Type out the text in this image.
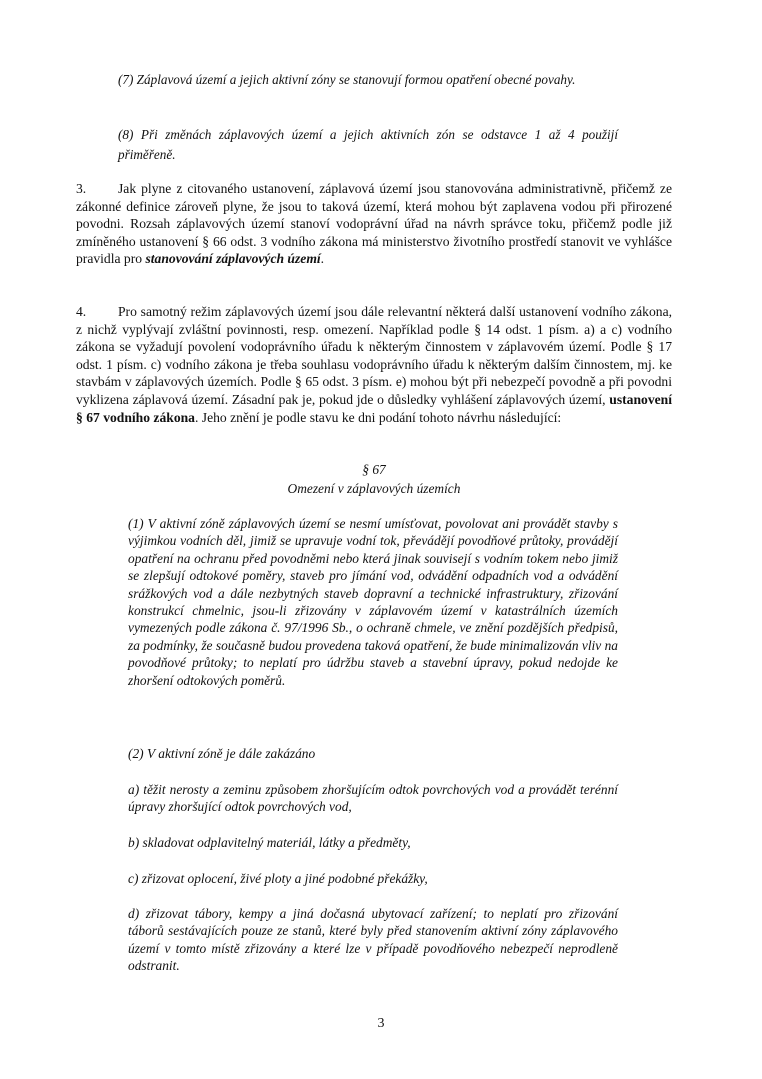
(7) Záplavová území a jejich aktivní zóny se stanovují formou opatření obecné povahy.

(8) Při změnách záplavových území a jejich aktivních zón se odstavce 1 až 4 použijí přiměřeně.

3. Jak plyne z citovaného ustanovení, záplavová území jsou stanovována administrativně, přičemž ze zákonné definice zároveň plyne, že jsou to taková území, která mohou být zaplavena vodou při přirozené povodni. Rozsah záplavových území stanoví vodoprávní úřad na návrh správce toku, přičemž podle již zmíněného ustanovení § 66 odst. 3 vodního zákona má ministerstvo životního prostředí stanovit ve vyhlášce pravidla pro stanovování záplavových území.

4. Pro samotný režim záplavových území jsou dále relevantní některá další ustanovení vodního zákona, z nichž vyplývají zvláštní povinnosti, resp. omezení. Například podle § 14 odst. 1 písm. a) a c) vodního zákona se vyžadují povolení vodoprávního úřadu k některým činnostem v záplavovém území. Podle § 17 odst. 1 písm. c) vodního zákona je třeba souhlasu vodoprávního úřadu k některým dalším činnostem, mj. ke stavbám v záplavových územích. Podle § 65 odst. 3 písm. e) mohou být při nebezpečí povodně a při povodni vyklizena záplavová území. Zásadní pak je, pokud jde o důsledky vyhlášení záplavových území, ustanovení § 67 vodního zákona. Jeho znění je podle stavu ke dni podání tohoto návrhu následující:

§ 67
Omezení v záplavových územích

(1) V aktivní zóně záplavových území se nesmí umísťovat, povolovat ani provádět stavby s výjimkou vodních děl, jimiž se upravuje vodní tok, převádějí povodňové průtoky, provádějí opatření na ochranu před povodněmi nebo která jinak souvisejí s vodním tokem nebo jimiž se zlepšují odtokové poměry, staveb pro jímání vod, odvádění odpadních vod a odvádění srážkových vod a dále nezbytných staveb dopravní a technické infrastruktury, zřizování konstrukcí chmelnic, jsou-li zřizovány v záplavovém území v katastrálních územích vymezených podle zákona č. 97/1996 Sb., o ochraně chmele, ve znění pozdějších předpisů, za podmínky, že současně budou provedena taková opatření, že bude minimalizován vliv na povodňové průtoky; to neplatí pro údržbu staveb a stavební úpravy, pokud nedojde ke zhoršení odtokových poměrů.

(2) V aktivní zóně je dále zakázáno

a) těžit nerosty a zeminu způsobem zhoršujícím odtok povrchových vod a provádět terénní úpravy zhoršující odtok povrchových vod,

b) skladovat odplavitelný materiál, látky a předměty,

c) zřizovat oplocení, živé ploty a jiné podobné překážky,

d) zřizovat tábory, kempy a jiná dočasná ubytovací zařízení; to neplatí pro zřizování táborů sestávajících pouze ze stanů, které byly před stanovením aktivní zóny záplavového území v tomto místě zřizovány a které lze v případě povodňového nebezpečí neprodleně odstranit.

3
